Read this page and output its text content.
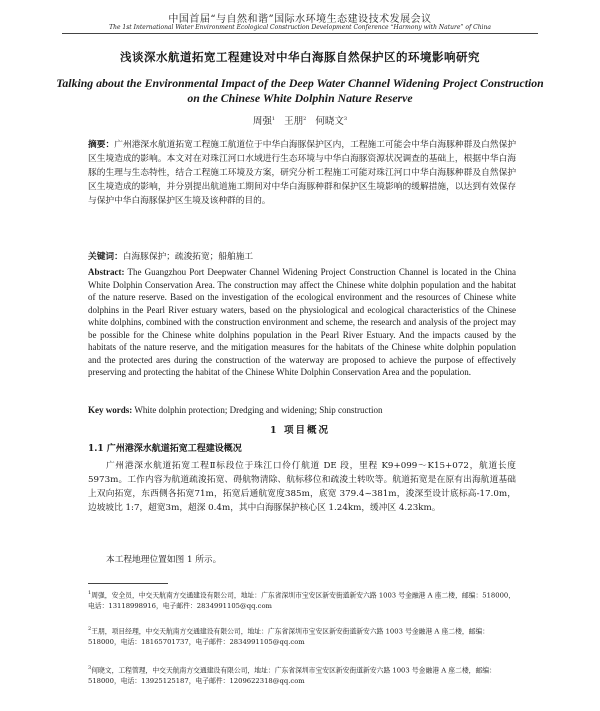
中国首届“与自然和谐”国际水环境生态建设技术发展会议
The 1st International Water Environment Ecological Construction Development Conference “Harmony with Nature” of China
浅谈深水航道拓宽工程建设对中华白海豚自然保护区的环境影响研究
Talking about the Environmental Impact of the Deep Water Channel Widening Project Construction on the Chinese White Dolphin Nature Reserve
周强$^1$ 王朋$^2$ 何晓文$^3$
摘要：广州港深水航道拓宽工程施工航道位于中华白海豚保护区内，工程施工可能会中华白海豚种群及白然保护区生境造成的影响。本文对在对珠江河口水域进行生态环境与中华白海豚资源状况调查的基础上，根据中华白海豚的生理与生态特性，结合工程施工环境及方案，研究分析工程施工可能对珠江河口中华白海豚种群及自然保护区生境造成的影响，并分别提出航道施工期间对中华白海豚种群和保护区生境影响的缓解措施，以达到有效保存与保护中华白海豚保护区生境及该种群的目的。
关键词：白海豚保护；疏浚拓宽；船舶施工
Abstract: The Guangzhou Port Deepwater Channel Widening Project Construction Channel is located in the China White Dolphin Conservation Area. The construction may affect the Chinese white dolphin population and the habitat of the nature reserve. Based on the investigation of the ecological environment and the resources of Chinese white dolphins in the Pearl River estuary waters, based on the physiological and ecological characteristics of the Chinese white dolphins, combined with the construction environment and scheme, the research and analysis of the project may be possible for the Chinese white dolphins population in the Pearl River Estuary. And the impacts caused by the habitats of the nature reserve, and the mitigation measures for the habitats of the Chinese white dolphin population and the protected ares during the construction of the waterway are proposed to achieve the purpose of effectively preserving and protecting the habitat of the Chinese White Dolphin Conservation Area and the population.
Key words: White dolphin protection; Dredging and widening; Ship construction
1 项目概况
1.1 广州港深水航道拓宽工程建设概况
广州港深水航道拓宽工程Ⅱ标段位于珠江口伶仃航道 DE 段，里程 K9+099～K15+072，航道长度5973m。工作内容为航道疏浚拓宽、碍航物清除、航标移位和疏浚土转吹等。航道拓宽是在原有出海航道基础上双向拓宽，东西侧各拓宽71m，拓宽后通航宽度385m，底宽 379.4~381m，浚深至设计底标高-17.0m，边坡坡比 1:7，超宽3m，超深 0.4m，其中白海豚保护核心区 1.24km，缓冲区 4.23km。
本工程地理位置如图 1 所示。
$^1$周强，安全员，中交天航南方交通建设有限公司，地址：广东省深圳市宝安区新安街道新安六路 1003 号金融港 A 座二楼，邮编：518000，电话：13118998916，电子邮件：2834991105@qq.com
$^2$王朋，项目经理，中交天航南方交通建设有限公司，地址：广东省深圳市宝安区新安街道新安六路 1003 号金融港 A 座二楼，邮编：518000，电话：18165701737，电子邮件：2834991105@qq.com
$^3$何晓文，工程管理，中交天航南方交通建设有限公司，地址：广东省深圳市宝安区新安街道新安六路 1003 号金融港 A 座二楼，邮编：518000，电话：13925125187，电子邮件：1209622318@qq.com
